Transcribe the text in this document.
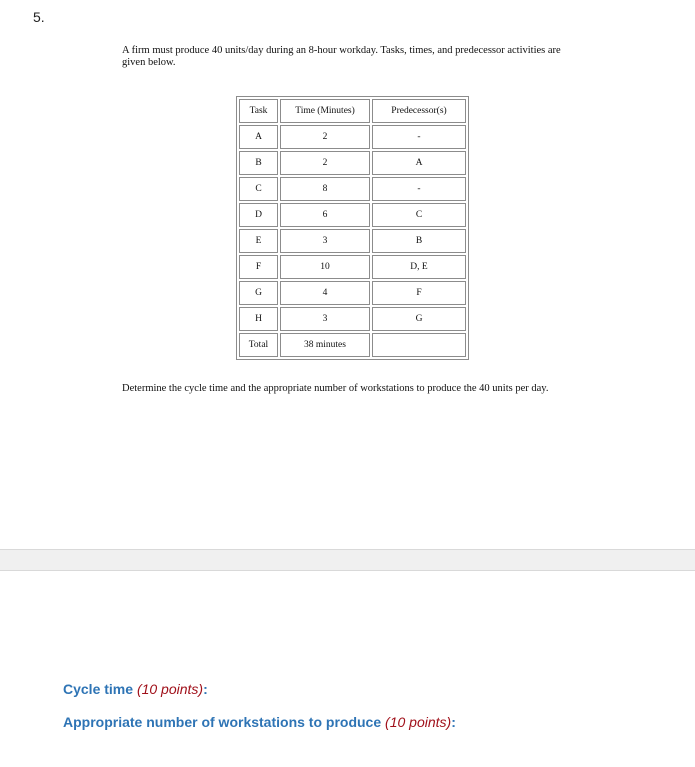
5.
A firm must produce 40 units/day during an 8-hour workday. Tasks, times, and predecessor activities are given below.
Task	Time (Minutes)	Predecessor(s)
A	2	-
B	2	A
C	8	-
D	6	C
E	3	B
F	10	D, E
G	4	F
H	3	G
Total	38 minutes	
Determine the cycle time and the appropriate number of workstations to produce the 40 units per day.
Cycle time (10 points):
Appropriate number of workstations to produce (10 points):
